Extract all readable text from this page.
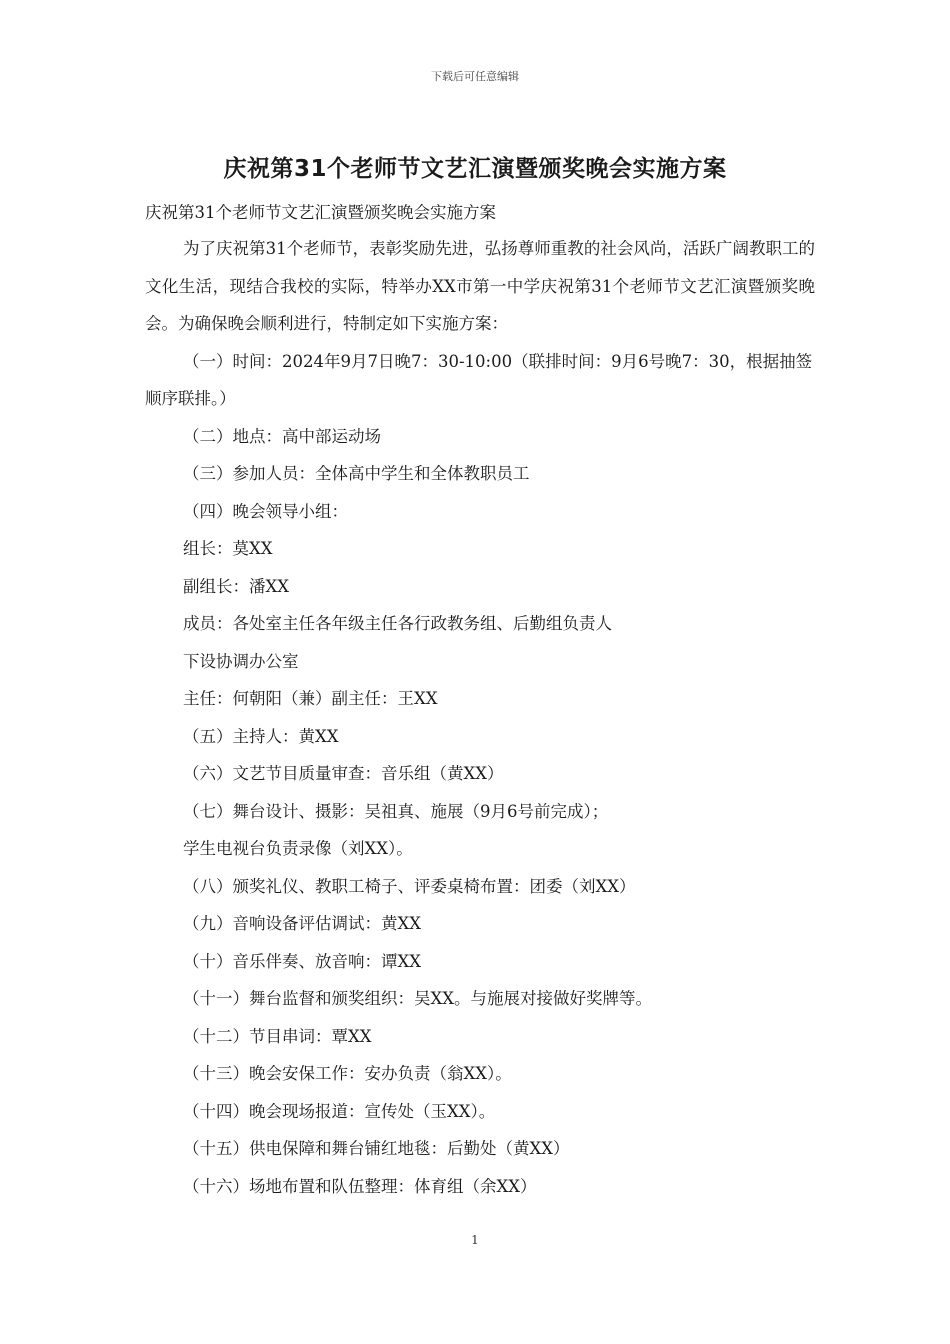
下载后可任意编辑
庆祝第31个老师节文艺汇演暨颁奖晚会实施方案
庆祝第31个老师节文艺汇演暨颁奖晚会实施方案

为了庆祝第31个老师节，表彰奖励先进，弘扬尊师重教的社会风尚，活跃广阔教职工的文化生活，现结合我校的实际，特举办XX市第一中学庆祝第31个老师节文艺汇演暨颁奖晚会。为确保晚会顺利进行，特制定如下实施方案：

（一）时间：2024年9月7日晚7：30-10:00（联排时间：9月6号晚7：30，根据抽签顺序联排。）
（二）地点：高中部运动场
（三）参加人员：全体高中学生和全体教职员工
（四）晚会领导小组：
组长：莫XX
副组长：潘XX
成员：各处室主任各年级主任各行政教务组、后勤组负责人
下设协调办公室
主任：何朝阳（兼）副主任：王XX
（五）主持人：黄XX
（六）文艺节目质量审查：音乐组（黄XX）
（七）舞台设计、摄影：吴祖真、施展（9月6号前完成）；
学生电视台负责录像（刘XX）。
（八）颁奖礼仪、教职工椅子、评委桌椅布置：团委（刘XX）
（九）音响设备评估调试：黄XX
（十）音乐伴奏、放音响：谭XX
（十一）舞台监督和颁奖组织：吴XX。与施展对接做好奖牌等。
（十二）节目串词：覃XX
（十三）晚会安保工作：安办负责（翁XX）。
（十四）晚会现场报道：宣传处（玉XX）。
（十五）供电保障和舞台铺红地毯：后勤处（黄XX）
（十六）场地布置和队伍整理：体育组（余XX）
1
